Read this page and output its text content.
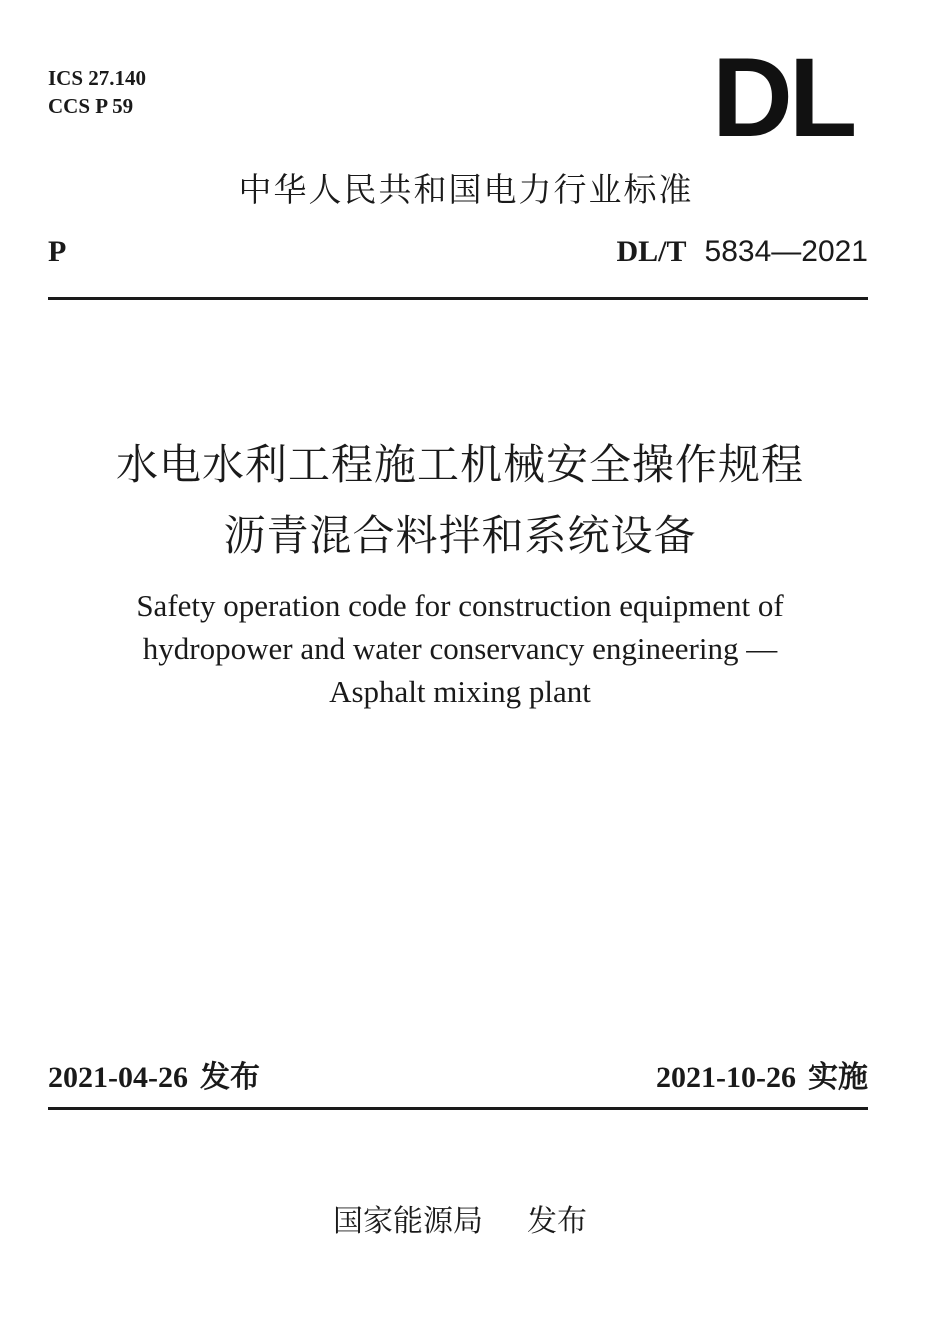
ICS 27.140
CCS P 59	DL
中华人民共和国电力行业标准
P	DL/T 5834—2021
水电水利工程施工机械安全操作规程
沥青混合料拌和系统设备
Safety operation code for construction equipment of
hydropower and water conservancy engineering —
Asphalt mixing plant
2021-04-26 发布	2021-10-26 实施
国家能源局 发布
